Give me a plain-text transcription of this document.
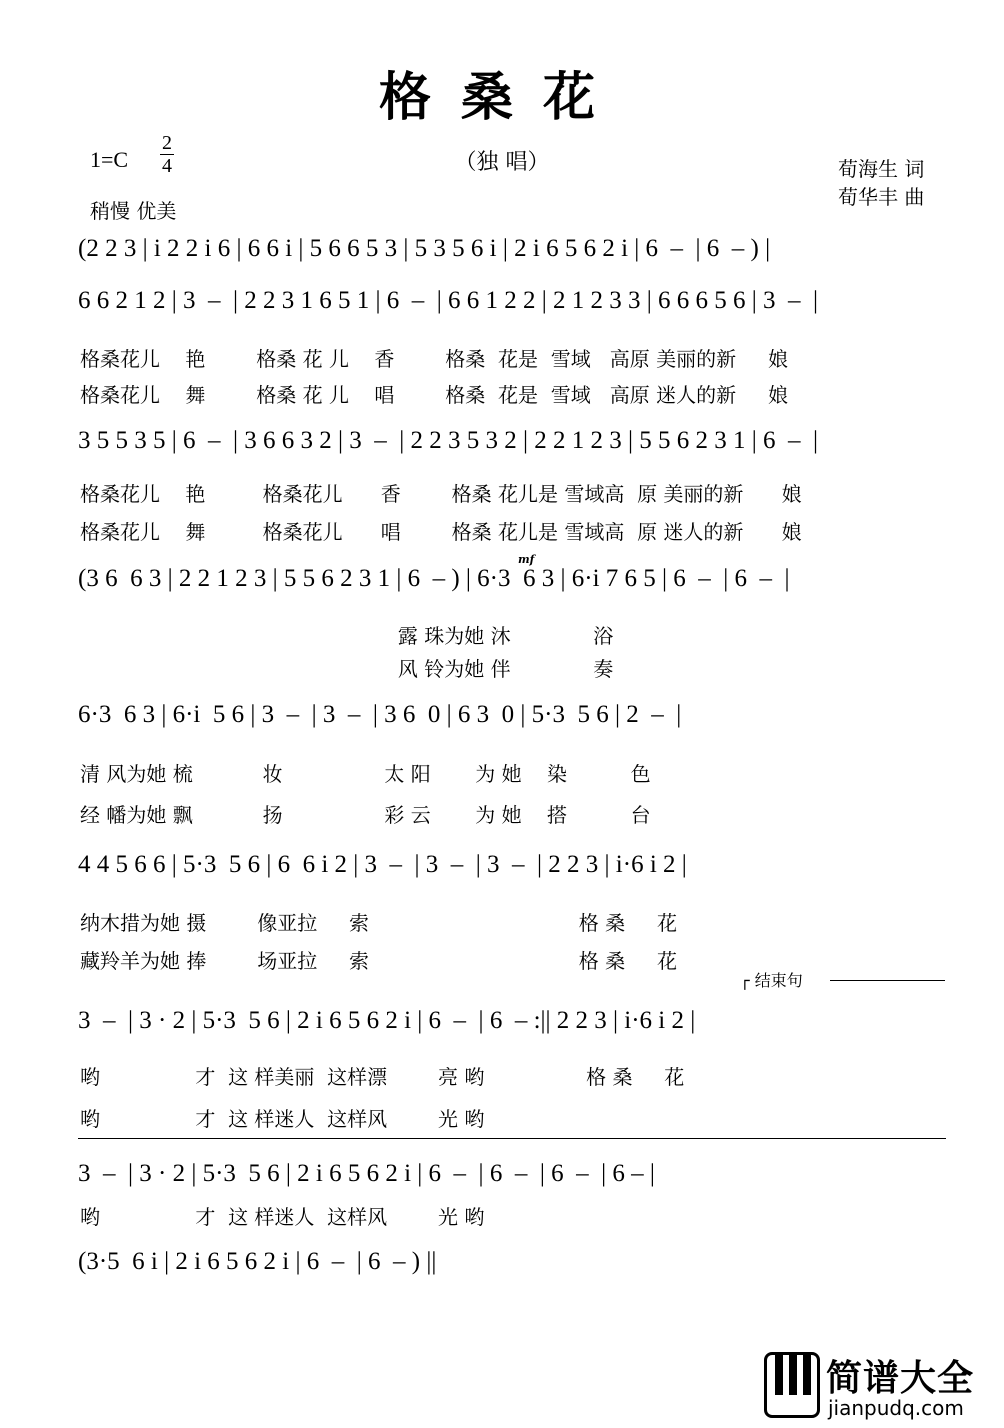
格桑花
1=C
2
4	（独 唱）	荀海生 词
荀华丰 曲
稍慢 优美
mf
(2 2 3 | i 2 2 i 6 | 6 6 i | 5 6 6 5 3 | 5 3 5 6 i | 2 i 6 5 6 2 i | 6  –  | 6  – ) |
6 6 2 1 2 | 3  –  | 2 2 3 1 6 5 1 | 6  –  | 6 6 1 2 2 | 2 1 2 3 3 | 6 6 6 5 6 | 3  –  |
格桑花儿    艳        格桑 花 儿    香        格桑  花是  雪域   高原 美丽的新     娘
格桑花儿    舞        格桑 花 儿    唱        格桑  花是  雪域   高原 迷人的新     娘
3 5 5 3 5 | 6  –  | 3 6 6 3 2 | 3  –  | 2 2 3 5 3 2 | 2 2 1 2 3 | 5 5 6 2 3 1 | 6  –  |
格桑花儿    艳         格桑花儿      香        格桑 花儿是 雪域高  原 美丽的新      娘
格桑花儿    舞         格桑花儿      唱        格桑 花儿是 雪域高  原 迷人的新      娘
(3 6  6 3 | 2 2 1 2 3 | 5 5 6 2 3 1 | 6  – ) | 6·3  6 3 | 6·i 7 6 5 | 6  –  | 6  –  |
露 珠为她 沐             浴
风 铃为她 伴             奏
6·3  6 3 | 6·i  5 6 | 3  –  | 3  –  | 3 6  0 | 6 3  0 | 5·3  5 6 | 2  –  |
清 风为她 梳           妆                太 阳       为 她    染          色
经 幡为她 飘           扬                彩 云       为 她    搭          台
4 4 5 6 6 | 5·3  5 6 | 6  6 i 2 | 3  –  | 3  –  | 3  –  | 2 2 3 | i·6 i 2 |
纳木措为她 摄        像亚拉     索                                 格 桑     花
藏羚羊为她 捧        场亚拉     索                                 格 桑     花
┌ 结束句
3  –  | 3 · 2 | 5·3  5 6 | 2 i 6 5 6 2 i | 6  –  | 6  – :|| 2 2 3 | i·6 i 2 |
哟               才  这 样美丽  这样漂        亮 哟                格 桑     花
哟               才  这 样迷人  这样风        光 哟
3  –  | 3 · 2 | 5·3  5 6 | 2 i 6 5 6 2 i | 6  –  | 6  –  | 6  –  | 6 – |
哟               才  这 样迷人  这样风        光 哟
(3·5  6 i | 2 i 6 5 6 2 i | 6  –  | 6  – ) ||
简谱大全
jianpudq.com
